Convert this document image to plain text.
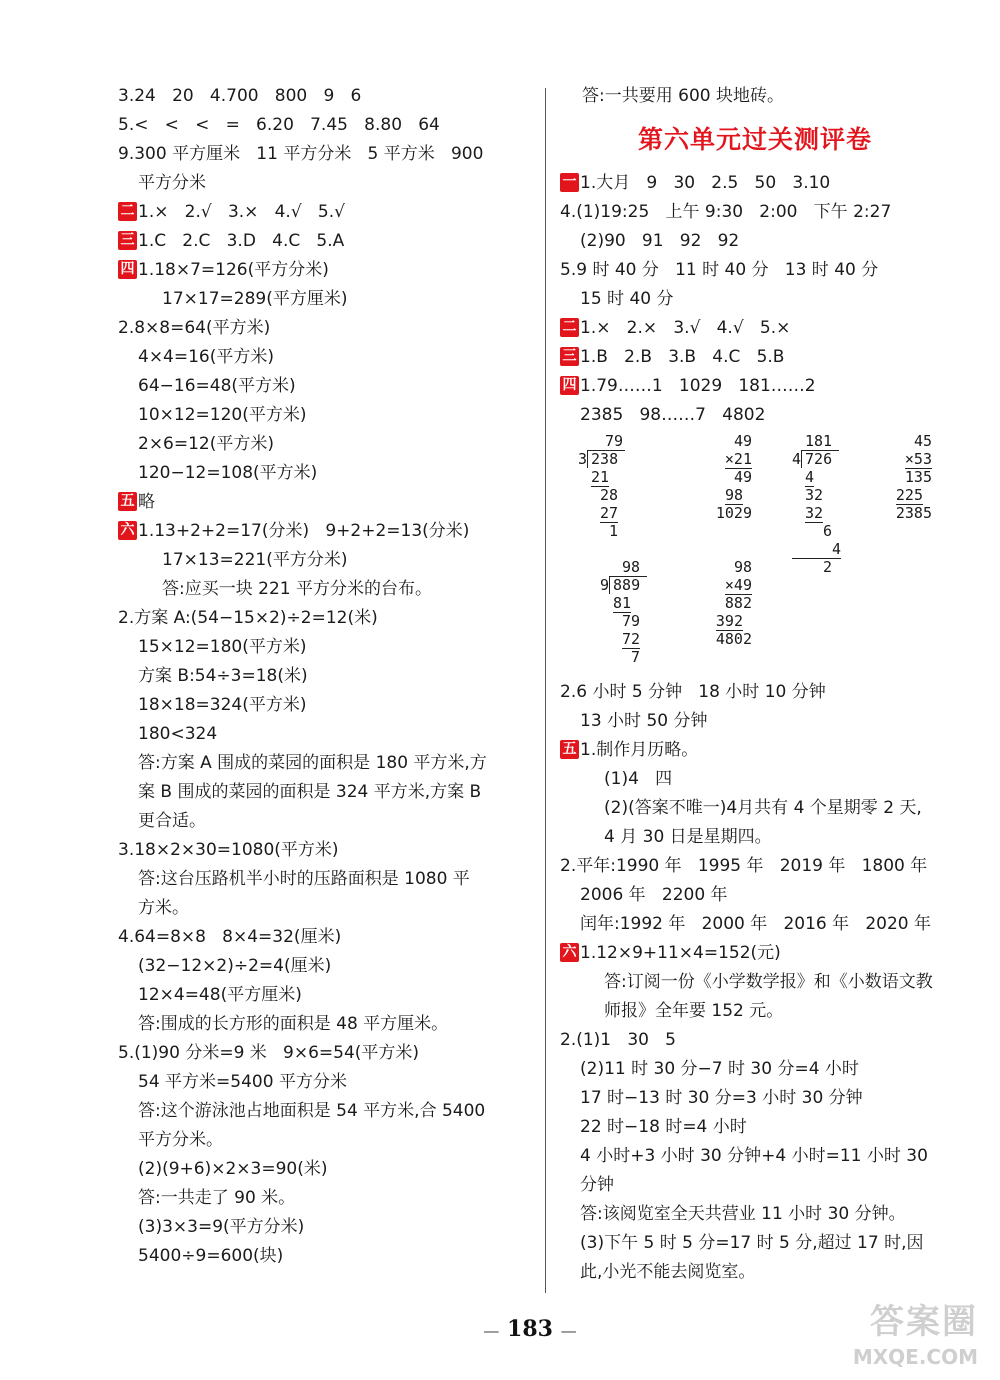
3.24   20   4.700   800   9   6
5.<   <   <   =   6.20   7.45   8.80   64
9.300 平方厘米   11 平方分米   5 平方米   900
平方分米
二 1.×   2.√   3.×   4.√   5.√
三 1.C   2.C   3.D   4.C   5.A
四 1.18×7=126(平方分米)
17×17=289(平方厘米)
2.8×8=64(平方米)
4×4=16(平方米)
64−16=48(平方米)
10×12=120(平方米)
2×6=12(平方米)
120−12=108(平方米)
五 略
六 1.13+2+2=17(分米)   9+2+2=13(分米)
17×13=221(平方分米)
答:应买一块 221 平方分米的台布。
2.方案 A:(54−15×2)÷2=12(米)
15×12=180(平方米)
方案 B:54÷3=18(米)
18×18=324(平方米)
180<324
答:方案 A 围成的菜园的面积是 180 平方米,方
案 B 围成的菜园的面积是 324 平方米,方案 B
更合适。
3.18×2×30=1080(平方米)
答:这台压路机半小时的压路面积是 1080 平
方米。
4.64=8×8   8×4=32(厘米)
(32−12×2)÷2=4(厘米)
12×4=48(平方厘米)
答:围成的长方形的面积是 48 平方厘米。
5.(1)90 分米=9 米   9×6=54(平方米)
54 平方米=5400 平方分米
答:这个游泳池占地面积是 54 平方米,合 5400
平方分米。
(2)(9+6)×2×3=90(米)
答:一共走了 90 米。
(3)3×3=9(平方分米)
5400÷9=600(块)
答:一共要用 600 块地砖。
第六单元过关测评卷
一 1.大月   9   30   2.5   50   3.10
4.(1)19:25   上午 9:30   2:00   下午 2:27
(2)90   91   92   92
5.9 时 40 分   11 时 40 分   13 时 40 分
15 时 40 分
二 1.×   2.×   3.√   4.√   5.×
三 1.B   2.B   3.B   4.C   5.B
四 1.79……1   1029   181……2
2385   98……7   4802
79
3 238
21
28
27
1
49
×21
49
98
1029
181
4 726
4
32
32
6
4
2
45
×53
135
225
2385
98
9 889
81
79
72
7
98
×49
882
392
4802
2.6 小时 5 分钟   18 小时 10 分钟
13 小时 50 分钟
五 1.制作月历略。
(1)4   四
(2)(答案不唯一)4月共有 4 个星期零 2 天,
4 月 30 日是星期四。
2.平年:1990 年   1995 年   2019 年   1800 年
2006 年   2200 年
闰年:1992 年   2000 年   2016 年   2020 年
六 1.12×9+11×4=152(元)
答:订阅一份《小学数学报》和《小数语文教
师报》全年要 152 元。
2.(1)1   30   5
(2)11 时 30 分−7 时 30 分=4 小时
17 时−13 时 30 分=3 小时 30 分钟
22 时−18 时=4 小时
4 小时+3 小时 30 分钟+4 小时=11 小时 30
分钟
答:该阅览室全天共营业 11 小时 30 分钟。
(3)下午 5 时 5 分=17 时 5 分,超过 17 时,因
此,小光不能去阅览室。
— 183 —	答案圈
MXQE.COM
